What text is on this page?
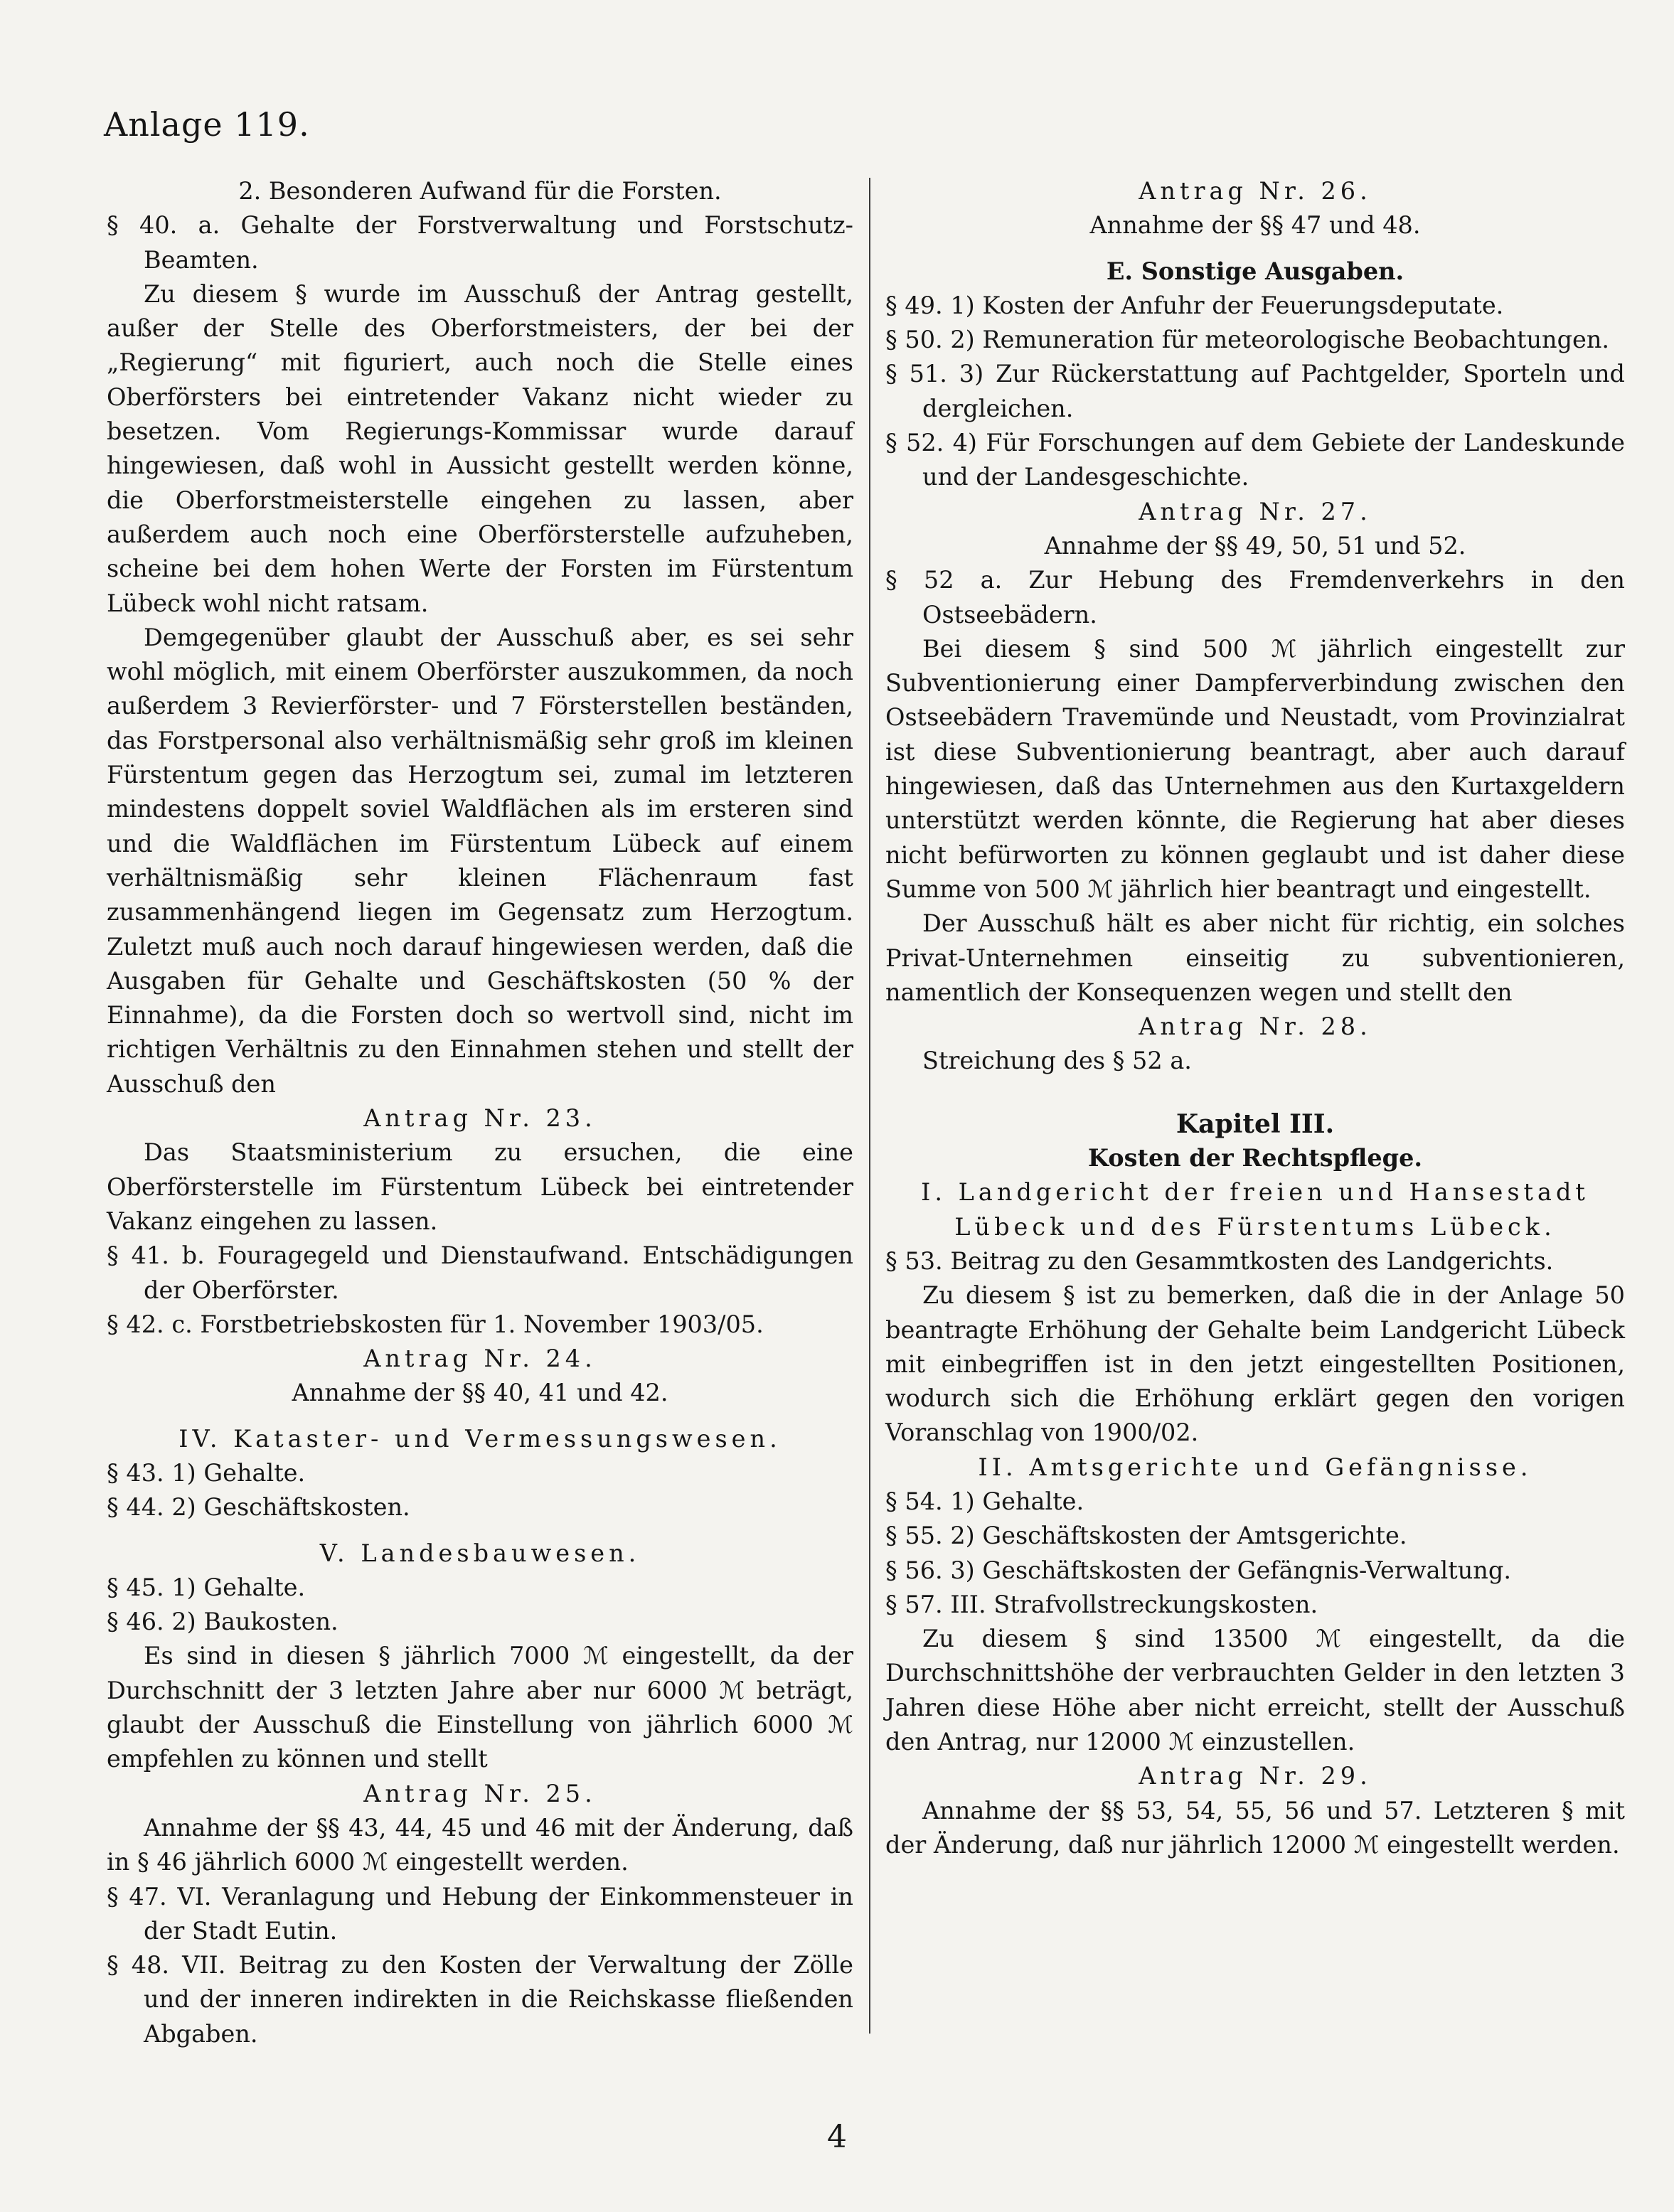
Anlage 119.

2. Besonderen Aufwand für die Forsten.

§ 40. a. Gehalte der Forstverwaltung und Forstschutz-Beamten.

Zu diesem § wurde im Ausschuß der Antrag gestellt, außer der Stelle des Oberforstmeisters, der bei der „Regierung“ mit figuriert, auch noch die Stelle eines Oberförsters bei eintretender Vakanz nicht wieder zu besetzen. Vom Regierungs-Kommissar wurde darauf hingewiesen, daß wohl in Aussicht gestellt werden könne, die Oberforstmeisterstelle eingehen zu lassen, aber außerdem auch noch eine Oberförsterstelle aufzuheben, scheine bei dem hohen Werte der Forsten im Fürstentum Lübeck wohl nicht ratsam.

Demgegenüber glaubt der Ausschuß aber, es sei sehr wohl möglich, mit einem Oberförster auszukommen, da noch außerdem 3 Revierförster- und 7 Försterstellen beständen, das Forstpersonal also verhältnismäßig sehr groß im kleinen Fürstentum gegen das Herzogtum sei, zumal im letzteren mindestens doppelt soviel Waldflächen als im ersteren sind und die Waldflächen im Fürstentum Lübeck auf einem verhältnismäßig sehr kleinen Flächenraum fast zusammenhängend liegen im Gegensatz zum Herzogtum. Zuletzt muß auch noch darauf hingewiesen werden, daß die Ausgaben für Gehalte und Geschäftskosten (50 % der Einnahme), da die Forsten doch so wertvoll sind, nicht im richtigen Verhältnis zu den Einnahmen stehen und stellt der Ausschuß den

Antrag Nr. 23.

Das Staatsministerium zu ersuchen, die eine Oberförsterstelle im Fürstentum Lübeck bei eintretender Vakanz eingehen zu lassen.

§ 41. b. Fouragegeld und Dienstaufwand. Entschädigungen der Oberförster.

§ 42. c. Forstbetriebskosten für 1. November 1903/05.

Antrag Nr. 24.

Annahme der §§ 40, 41 und 42.

IV. Kataster- und Vermessungswesen.

§ 43. 1) Gehalte.

§ 44. 2) Geschäftskosten.

V. Landesbauwesen.

§ 45. 1) Gehalte.

§ 46. 2) Baukosten.

Es sind in diesen § jährlich 7000 ℳ eingestellt, da der Durchschnitt der 3 letzten Jahre aber nur 6000 ℳ beträgt, glaubt der Ausschuß die Einstellung von jährlich 6000 ℳ empfehlen zu können und stellt

Antrag Nr. 25.

Annahme der §§ 43, 44, 45 und 46 mit der Änderung, daß in § 46 jährlich 6000 ℳ eingestellt werden.

§ 47. VI. Veranlagung und Hebung der Einkommensteuer in der Stadt Eutin.

§ 48. VII. Beitrag zu den Kosten der Verwaltung der Zölle und der inneren indirekten in die Reichskasse fließenden Abgaben.

Antrag Nr. 26.

Annahme der §§ 47 und 48.

E. Sonstige Ausgaben.

§ 49. 1) Kosten der Anfuhr der Feuerungsdeputate.

§ 50. 2) Remuneration für meteorologische Beobachtungen.

§ 51. 3) Zur Rückerstattung auf Pachtgelder, Sporteln und dergleichen.

§ 52. 4) Für Forschungen auf dem Gebiete der Landeskunde und der Landesgeschichte.

Antrag Nr. 27.

Annahme der §§ 49, 50, 51 und 52.

§ 52 a. Zur Hebung des Fremdenverkehrs in den Ostseebädern.

Bei diesem § sind 500 ℳ jährlich eingestellt zur Subventionierung einer Dampferverbindung zwischen den Ostseebädern Travemünde und Neustadt, vom Provinzialrat ist diese Subventionierung beantragt, aber auch darauf hingewiesen, daß das Unternehmen aus den Kurtaxgeldern unterstützt werden könnte, die Regierung hat aber dieses nicht befürworten zu können geglaubt und ist daher diese Summe von 500 ℳ jährlich hier beantragt und eingestellt.

Der Ausschuß hält es aber nicht für richtig, ein solches Privat-Unternehmen einseitig zu subventionieren, namentlich der Konsequenzen wegen und stellt den

Antrag Nr. 28.

Streichung des § 52 a.

Kapitel III.

Kosten der Rechtspflege.

I. Landgericht der freien und Hansestadt Lübeck und des Fürstentums Lübeck.

§ 53. Beitrag zu den Gesammtkosten des Landgerichts.

Zu diesem § ist zu bemerken, daß die in der Anlage 50 beantragte Erhöhung der Gehalte beim Landgericht Lübeck mit einbegriffen ist in den jetzt eingestellten Positionen, wodurch sich die Erhöhung erklärt gegen den vorigen Voranschlag von 1900/02.

II. Amtsgerichte und Gefängnisse.

§ 54. 1) Gehalte.

§ 55. 2) Geschäftskosten der Amtsgerichte.

§ 56. 3) Geschäftskosten der Gefängnis-Verwaltung.

§ 57. III. Strafvollstreckungskosten.

Zu diesem § sind 13500 ℳ eingestellt, da die Durchschnittshöhe der verbrauchten Gelder in den letzten 3 Jahren diese Höhe aber nicht erreicht, stellt der Ausschuß den Antrag, nur 12000 ℳ einzustellen.

Antrag Nr. 29.

Annahme der §§ 53, 54, 55, 56 und 57. Letzteren § mit der Änderung, daß nur jährlich 12000 ℳ eingestellt werden.

4
